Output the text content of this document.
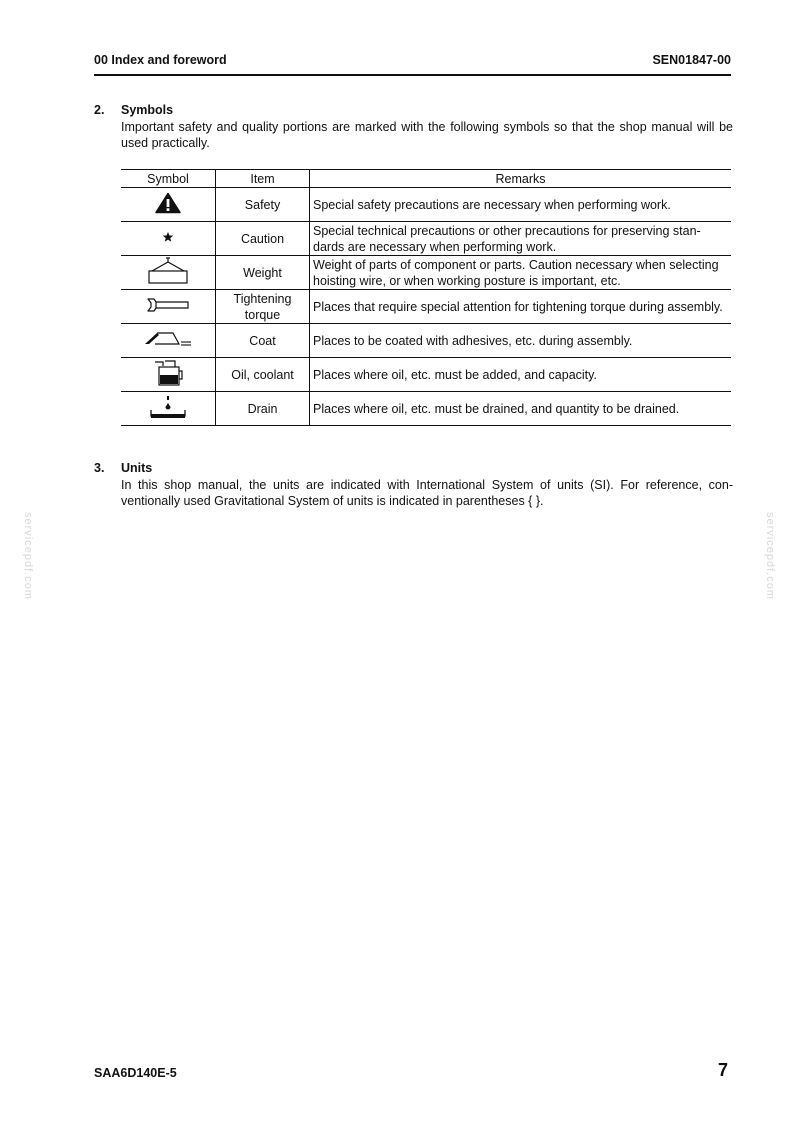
00 Index and foreword	SEN01847-00
2. Symbols
Important safety and quality portions are marked with the following symbols so that the shop manual will be used practically.
Symbol	Item	Remarks
	Safety	Special safety precautions are necessary when performing work.
	Caution	Special technical precautions or other precautions for preserving stan-dards are necessary when performing work.
	Weight	Weight of parts of component or parts. Caution necessary when selecting hoisting wire, or when working posture is important, etc.
	Tightening torque	Places that require special attention for tightening torque during assembly.
	Coat	Places to be coated with adhesives, etc. during assembly.
	Oil, coolant	Places where oil, etc. must be added, and capacity.
	Drain	Places where oil, etc. must be drained, and quantity to be drained.
3. Units
In this shop manual, the units are indicated with International System of units (SI). For reference, con-ventionally used Gravitational System of units is indicated in parentheses { }.
servicepdf.com	servicepdf.com
SAA6D140E-5	7
